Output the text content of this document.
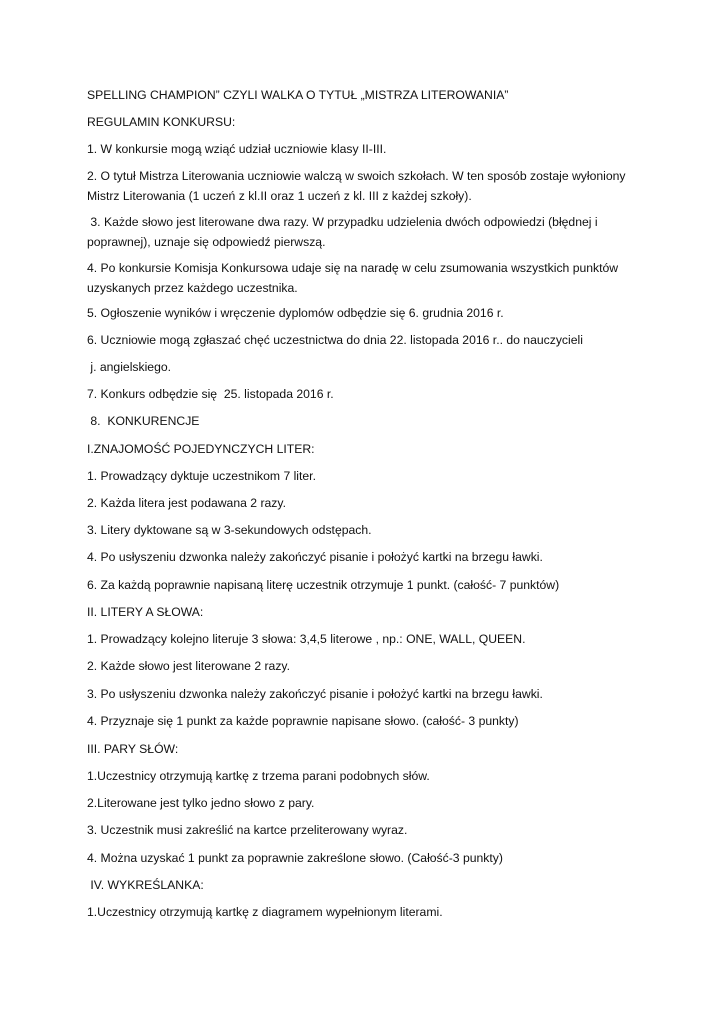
SPELLING CHAMPION” CZYLI WALKA O TYTUŁ „MISTRZA LITEROWANIA”

REGULAMIN KONKURSU:

1. W konkursie mogą wziąć udział uczniowie klasy II-III.

2. O tytuł Mistrza Literowania uczniowie walczą w swoich szkołach. W ten sposób zostaje wyłoniony Mistrz Literowania (1 uczeń z kl.II oraz 1 uczeń z kl. III z każdej szkoły).

3. Każde słowo jest literowane dwa razy. W przypadku udzielenia dwóch odpowiedzi (błędnej i poprawnej), uznaje się odpowiedź pierwszą.

4. Po konkursie Komisja Konkursowa udaje się na naradę w celu zsumowania wszystkich punktów uzyskanych przez każdego uczestnika.

5. Ogłoszenie wyników i wręczenie dyplomów odbędzie się 6. grudnia 2016 r.

6. Uczniowie mogą zgłaszać chęć uczestnictwa do dnia 22. listopada 2016 r.. do nauczycieli

j. angielskiego.

7. Konkurs odbędzie się  25. listopada 2016 r.

8.  KONKURENCJE

I.ZNAJOMOŚĆ POJEDYNCZYCH LITER:

1. Prowadzący dyktuje uczestnikom 7 liter.

2. Każda litera jest podawana 2 razy.

3. Litery dyktowane są w 3-sekundowych odstępach.

4. Po usłyszeniu dzwonka należy zakończyć pisanie i położyć kartki na brzegu ławki.

6. Za każdą poprawnie napisaną literę uczestnik otrzymuje 1 punkt. (całość- 7 punktów)

II. LITERY A SŁOWA:

1. Prowadzący kolejno literuje 3 słowa: 3,4,5 literowe , np.: ONE, WALL, QUEEN.

2. Każde słowo jest literowane 2 razy.

3. Po usłyszeniu dzwonka należy zakończyć pisanie i położyć kartki na brzegu ławki.

4. Przyznaje się 1 punkt za każde poprawnie napisane słowo. (całość- 3 punkty)

III. PARY SŁÓW:

1.Uczestnicy otrzymują kartkę z trzema parani podobnych słów.

2.Literowane jest tylko jedno słowo z pary.

3. Uczestnik musi zakreślić na kartce przeliterowany wyraz.

4. Można uzyskać 1 punkt za poprawnie zakreślone słowo. (Całość-3 punkty)

IV. WYKREŚLANKA:

1.Uczestnicy otrzymują kartkę z diagramem wypełnionym literami.
